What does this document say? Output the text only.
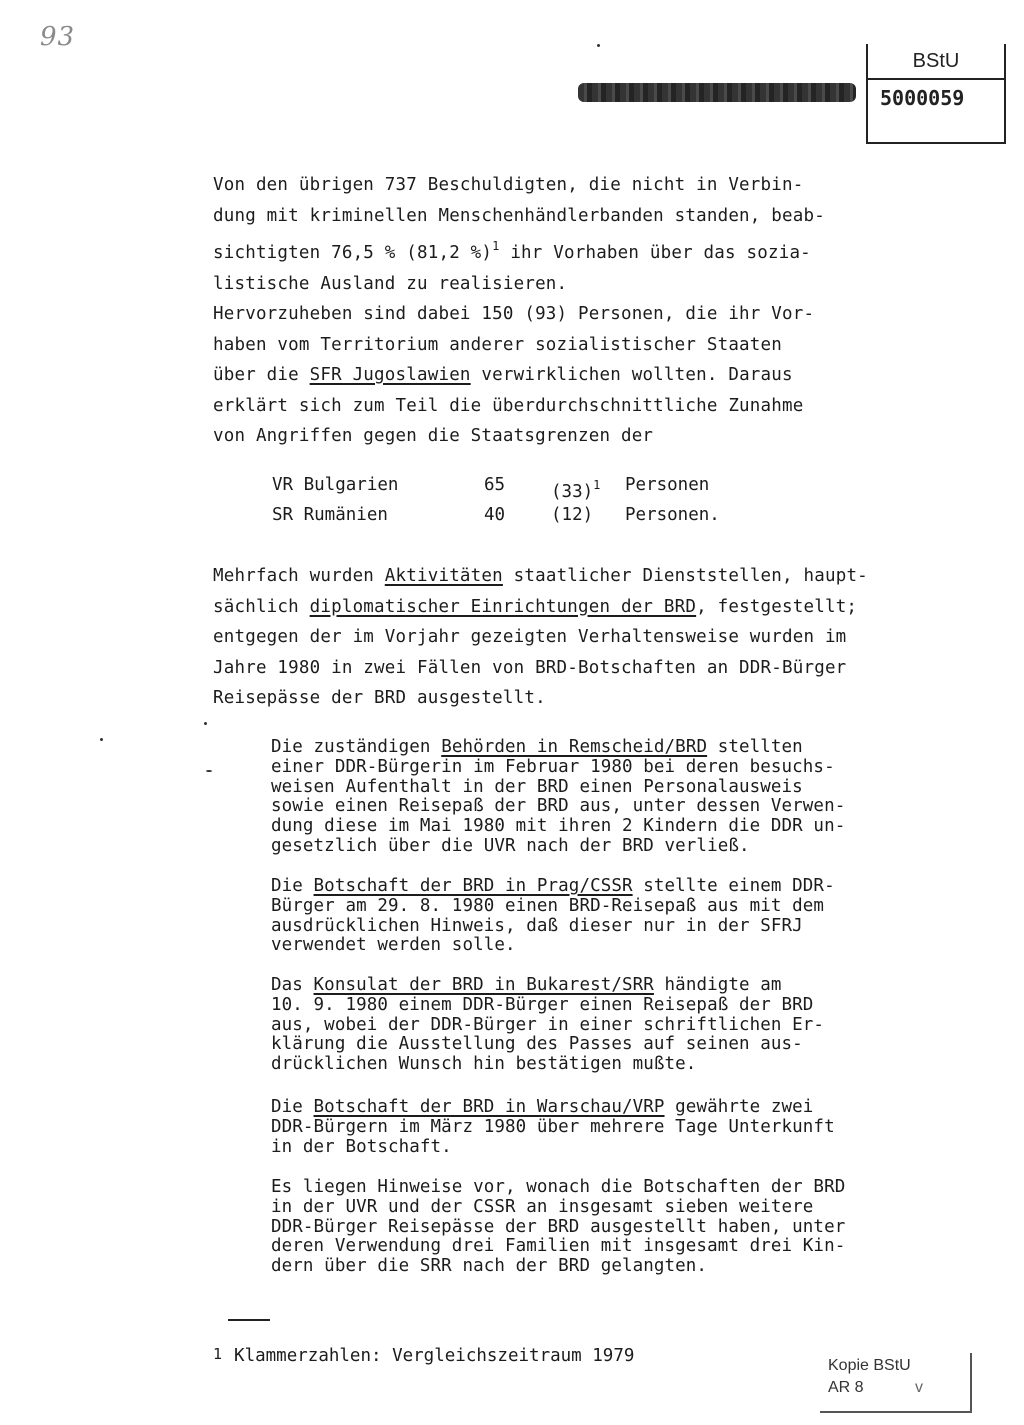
93
BStU
5000059
Von den übrigen 737 Beschuldigten, die nicht in Verbin-
dung mit kriminellen Menschenhändlerbanden standen, beab-
sichtigten 76,5 % (81,2 %)$^1$ ihr Vorhaben über das sozia-
listische Ausland zu realisieren.
Hervorzuheben sind dabei 150 (93) Personen, die ihr Vor-
haben vom Territorium anderer sozialistischer Staaten
über die SFR Jugoslawien verwirklichen wollten. Daraus
erklärt sich zum Teil die überdurchschnittliche Zunahme
von Angriffen gegen die Staatsgrenzen der
VR Bulgarien	65	$(33)^1$	Personen
SR Rumänien	40	(12)	Personen.
Mehrfach wurden Aktivitäten staatlicher Dienststellen, haupt-
sächlich diplomatischer Einrichtungen der BRD, festgestellt;
entgegen der im Vorjahr gezeigten Verhaltensweise wurden im
Jahre 1980 in zwei Fällen von BRD-Botschaften an DDR-Bürger
Reisepässe der BRD ausgestellt.
Die zuständigen Behörden in Remscheid/BRD stellten
einer DDR-Bürgerin im Februar 1980 bei deren besuchs-
weisen Aufenthalt in der BRD einen Personalausweis
sowie einen Reisepaß der BRD aus, unter dessen Verwen-
dung diese im Mai 1980 mit ihren 2 Kindern die DDR un-
gesetzlich über die UVR nach der BRD verließ.
Die Botschaft der BRD in Prag/CSSR stellte einem DDR-
Bürger am 29. 8. 1980 einen BRD-Reisepaß aus mit dem
ausdrücklichen Hinweis, daß dieser nur in der SFRJ
verwendet werden solle.
Das Konsulat der BRD in Bukarest/SRR händigte am
10. 9. 1980 einem DDR-Bürger einen Reisepaß der BRD
aus, wobei der DDR-Bürger in einer schriftlichen Er-
klärung die Ausstellung des Passes auf seinen aus-
drücklichen Wunsch hin bestätigen mußte.
Die Botschaft der BRD in Warschau/VRP gewährte zwei
DDR-Bürgern im März 1980 über mehrere Tage Unterkunft
in der Botschaft.
Es liegen Hinweise vor, wonach die Botschaften der BRD
in der UVR und der CSSR an insgesamt sieben weitere
DDR-Bürger Reisepässe der BRD ausgestellt haben, unter
deren Verwendung drei Familien mit insgesamt drei Kin-
dern über die SRR nach der BRD gelangten.
1 Klammerzahlen: Vergleichszeitraum 1979	Kopie BStU
AR 8	v
